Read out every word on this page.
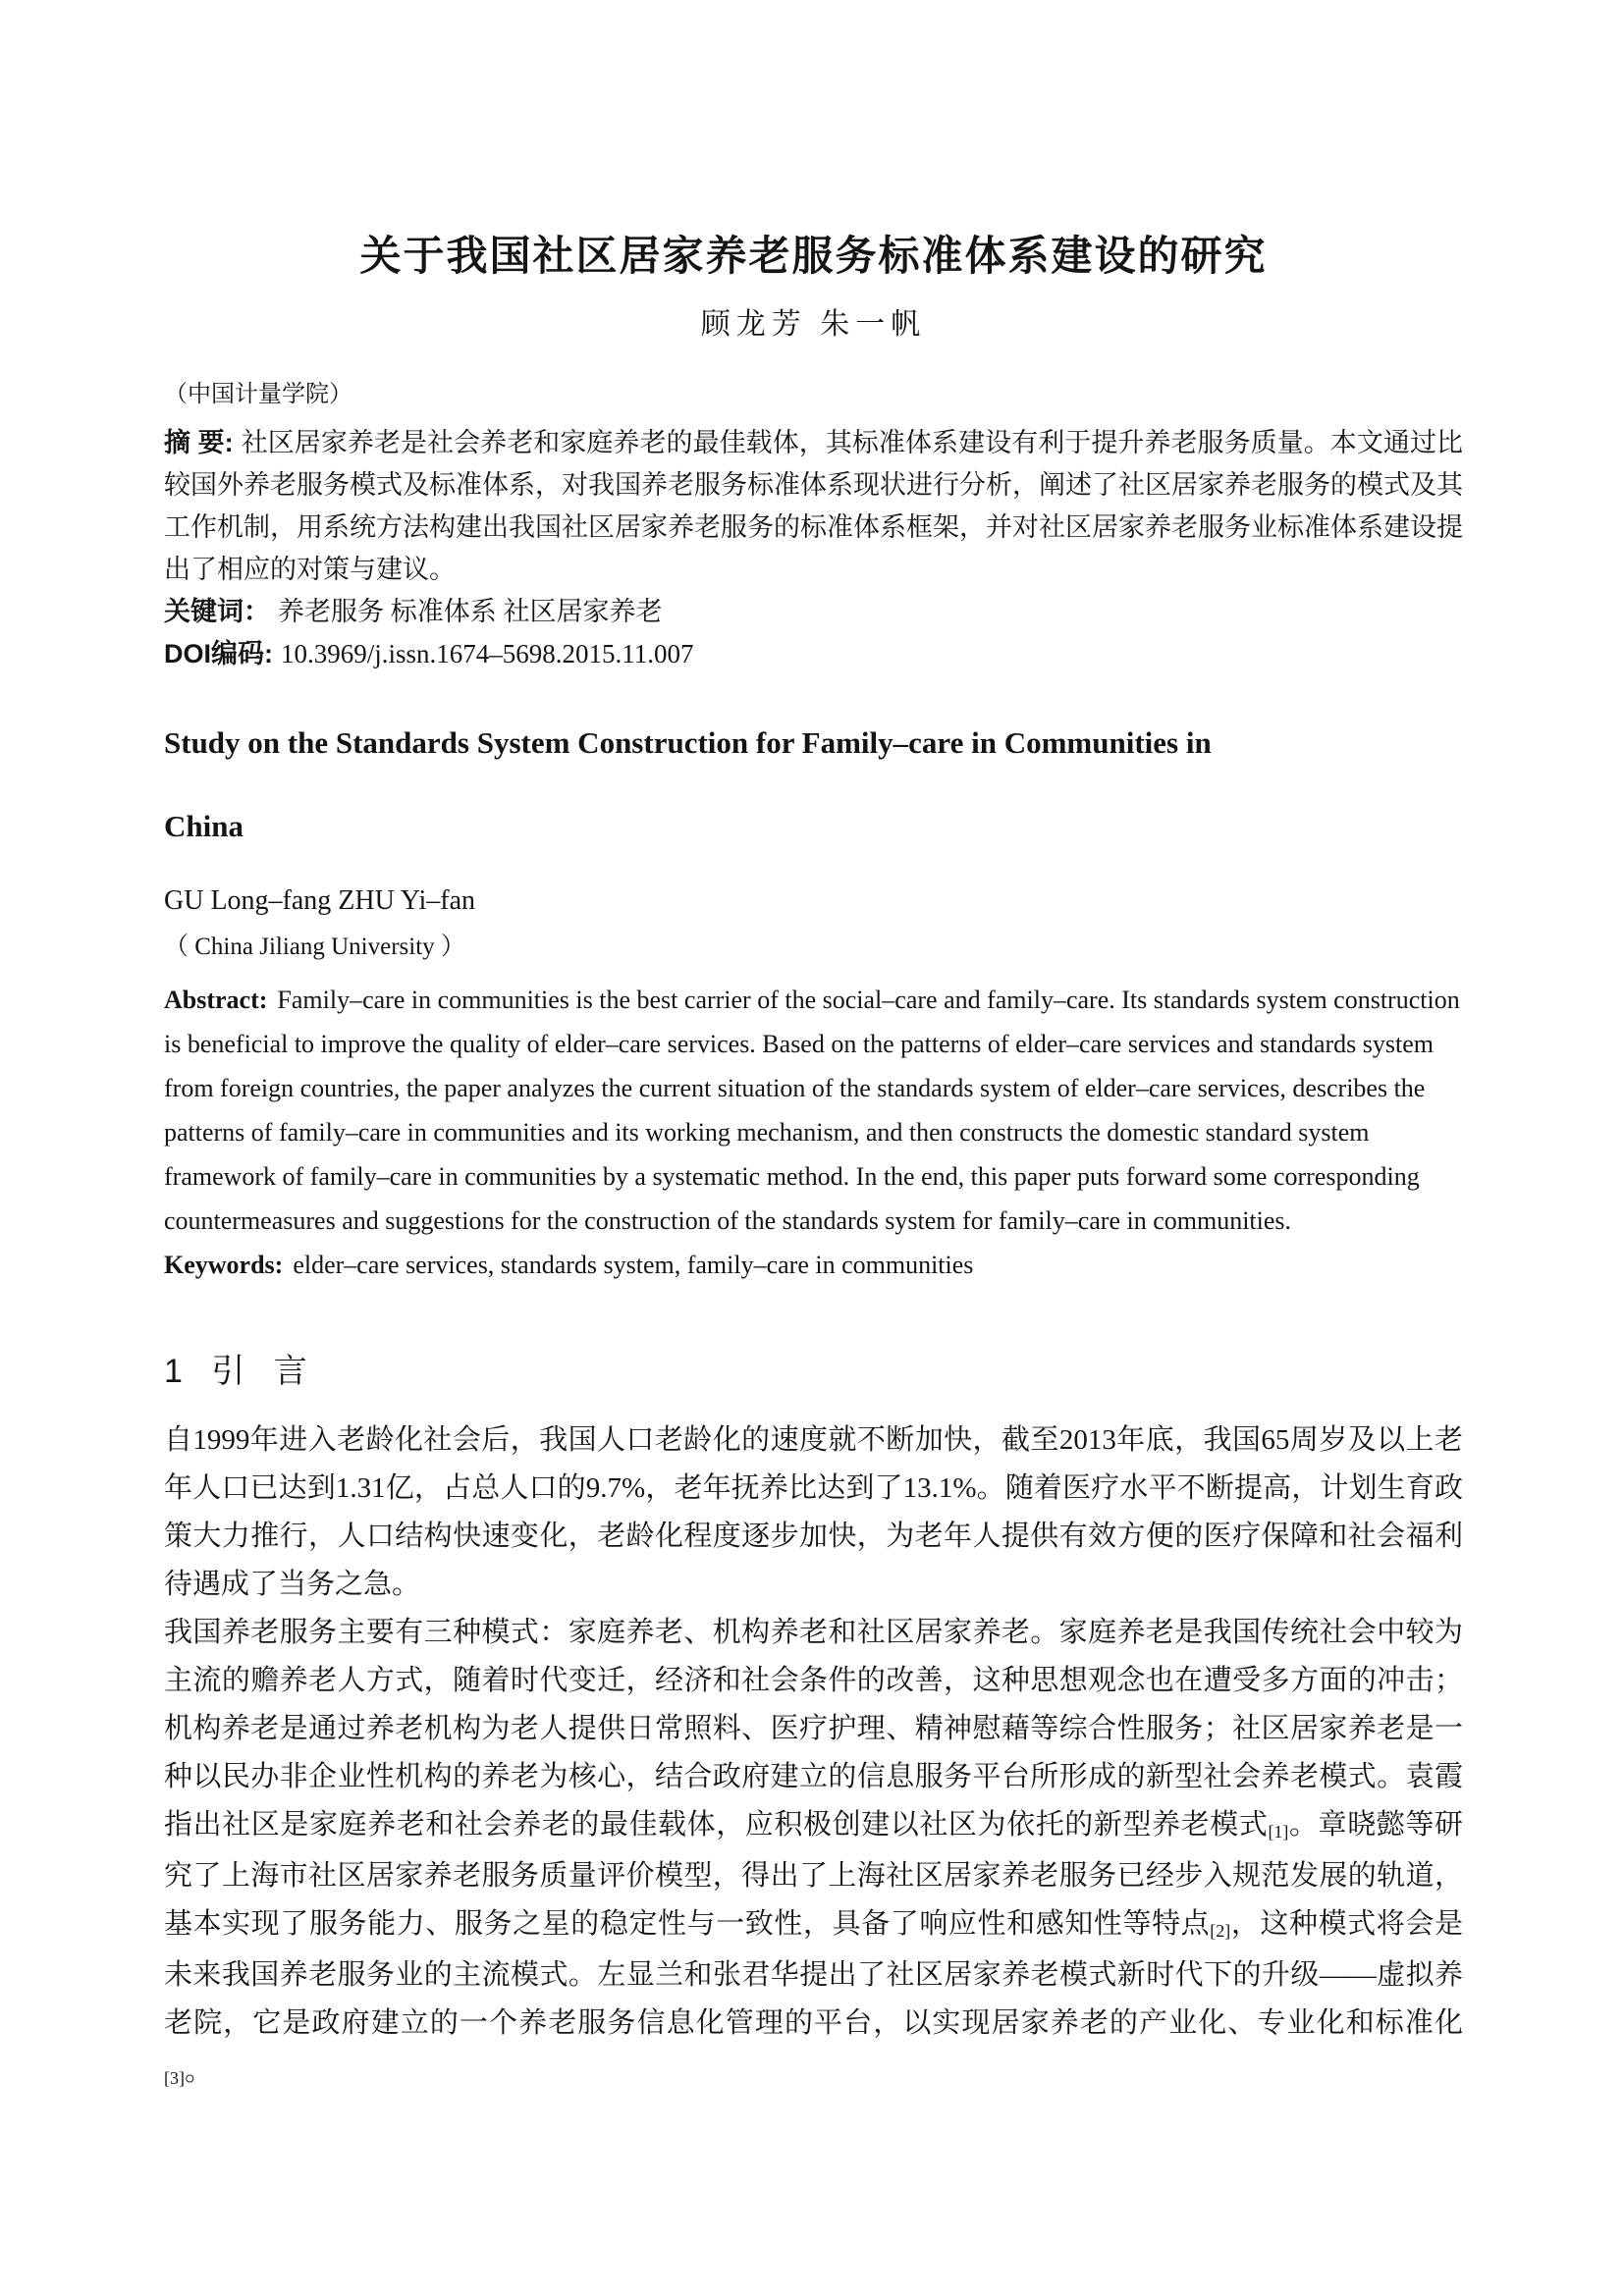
关于我国社区居家养老服务标准体系建设的研究
顾龙芳 朱一帆
（中国计量学院）

摘 要: 社区居家养老是社会养老和家庭养老的最佳载体，其标准体系建设有利于提升养老服务质量。本文通过比较国外养老服务模式及标准体系，对我国养老服务标准体系现状进行分析，阐述了社区居家养老服务的模式及其工作机制，用系统方法构建出我国社区居家养老服务的标准体系框架，并对社区居家养老服务业标准体系建设提出了相应的对策与建议。

关键词： 养老服务 标准体系 社区居家养老

DOI编码: 10.3969/j.issn.1674–5698.2015.11.007

Study on the Standards System Construction for Family–care in Communities in
China
GU Long–fang ZHU Yi–fan
（ China Jiliang University ）

Abstract: Family–care in communities is the best carrier of the social–care and family–care. Its standards system construction is beneficial to improve the quality of elder–care services. Based on the patterns of elder–care services and standards system from foreign countries, the paper analyzes the current situation of the standards system of elder–care services, describes the patterns of family–care in communities and its working mechanism, and then constructs the domestic standard system framework of family–care in communities by a systematic method. In the end, this paper puts forward some corresponding countermeasures and suggestions for the construction of the standards system for family–care in communities.

Keywords: elder–care services, standards system, family–care in communities

1 引 言

自1999年进入老龄化社会后，我国人口老龄化的速度就不断加快，截至2013年底，我国65周岁及以上老年人口已达到1.31亿，占总人口的9.7%，老年抚养比达到了13.1%。随着医疗水平不断提高，计划生育政策大力推行，人口结构快速变化，老龄化程度逐步加快，为老年人提供有效方便的医疗保障和社会福利待遇成了当务之急。

我国养老服务主要有三种模式：家庭养老、机构养老和社区居家养老。家庭养老是我国传统社会中较为主流的赡养老人方式，随着时代变迁，经济和社会条件的改善，这种思想观念也在遭受多方面的冲击；机构养老是通过养老机构为老人提供日常照料、医疗护理、精神慰藉等综合性服务；社区居家养老是一种以民办非企业性机构的养老为核心，结合政府建立的信息服务平台所形成的新型社会养老模式。袁霞指出社区是家庭养老和社会养老的最佳载体，应积极创建以社区为依托的新型养老模式$_{[1]}$。章晓懿等研究了上海市社区居家养老服务质量评价模型，得出了上海社区居家养老服务已经步入规范发展的轨道，基本实现了服务能力、服务之星的稳定性与一致性，具备了响应性和感知性等特点$_{[2]}$，这种模式将会是未来我国养老服务业的主流模式。左显兰和张君华提出了社区居家养老模式新时代下的升级——虚拟养老院，它是政府建立的一个养老服务信息化管理的平台，以实现居家养老的产业化、专业化和标准化$_{[3]}$。
